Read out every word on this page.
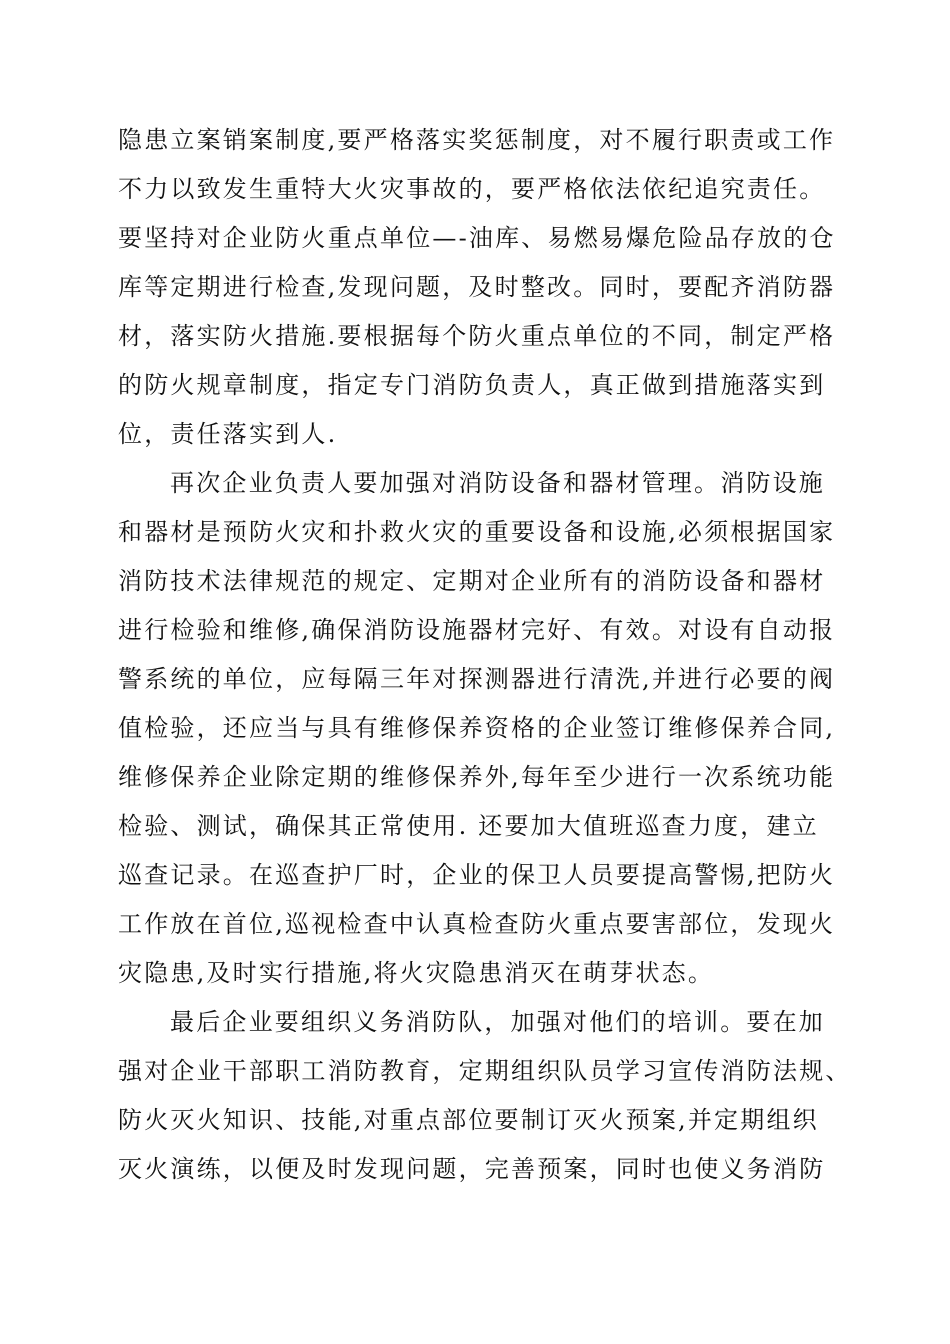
隐患立案销案制度,要严格落实奖惩制度，对不履行职责或工作
不力以致发生重特大火灾事故的，要严格依法依纪追究责任。
要坚持对企业防火重点单位—-油库、易燃易爆危险品存放的仓
库等定期进行检查,发现问题，及时整改。同时，要配齐消防器
材，落实防火措施.要根据每个防火重点单位的不同，制定严格
的防火规章制度，指定专门消防负责人，真正做到措施落实到
位，责任落实到人.
再次企业负责人要加强对消防设备和器材管理。消防设施
和器材是预防火灾和扑救火灾的重要设备和设施,必须根据国家
消防技术法律规范的规定、定期对企业所有的消防设备和器材
进行检验和维修,确保消防设施器材完好、有效。对设有自动报
警系统的单位，应每隔三年对探测器进行清洗,并进行必要的阀
值检验，还应当与具有维修保养资格的企业签订维修保养合同,
维修保养企业除定期的维修保养外,每年至少进行一次系统功能
检验、测试，确保其正常使用. 还要加大值班巡查力度，建立
巡查记录。在巡查护厂时，企业的保卫人员要提高警惕,把防火
工作放在首位,巡视检查中认真检查防火重点要害部位，发现火
灾隐患,及时实行措施,将火灾隐患消灭在萌芽状态。
最后企业要组织义务消防队，加强对他们的培训。要在加
强对企业干部职工消防教育，定期组织队员学习宣传消防法规、
防火灭火知识、技能,对重点部位要制订灭火预案,并定期组织
灭火演练，以便及时发现问题，完善预案，同时也使义务消防
